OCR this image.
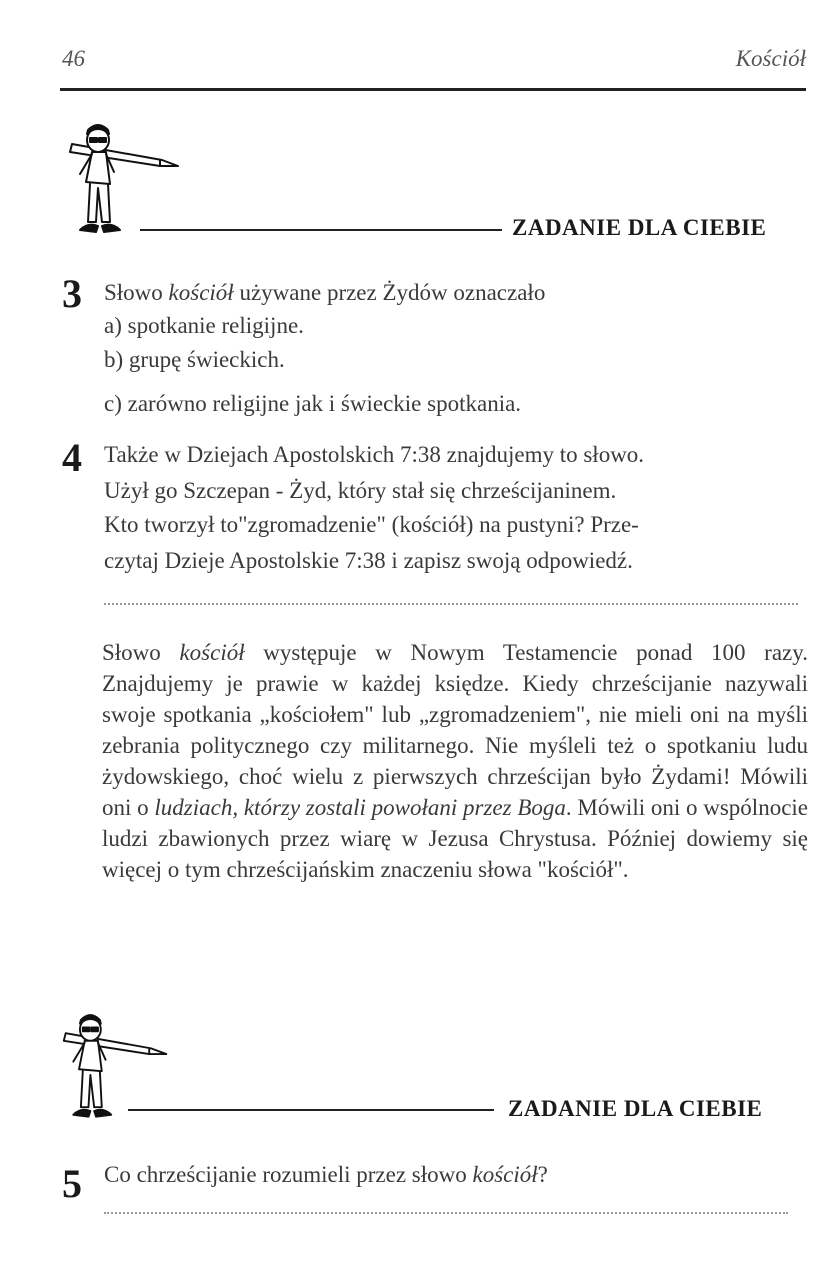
46	Kościół
ZADANIE DLA CIEBIE
3 Słowo kościół używane przez Żydów oznaczało
a) spotkanie religijne.
b) grupę świeckich.
c) zarówno religijne jak i świeckie spotkania.
4 Także w Dziejach Apostolskich 7:38 znajdujemy to słowo.
Użył go Szczepan - Żyd, który stał się chrześcijaninem.
Kto tworzył to"zgromadzenie" (kościół) na pustyni? Prze-
czytaj Dzieje Apostolskie 7:38 i zapisz swoją odpowiedź.
Słowo kościół występuje w Nowym Testamencie ponad 100 razy. Znajdujemy je prawie w każdej księdze. Kiedy chrześcijanie nazywali swoje spotkania „kościołem" lub „zgromadzeniem", nie mieli oni na myśli zebrania politycznego czy militarnego. Nie myśleli też o spotkaniu ludu żydowskiego, choć wielu z pierwszych chrześcijan było Żydami! Mówili oni o ludziach, którzy zostali powołani przez Boga. Mówili oni o wspólnocie ludzi zbawionych przez wiarę w Jezusa Chrystusa. Później dowiemy się więcej o tym chrześcijańskim znaczeniu słowa "kościół".
ZADANIE DLA CIEBIE
5 Co chrześcijanie rozumieli przez słowo kościół?
